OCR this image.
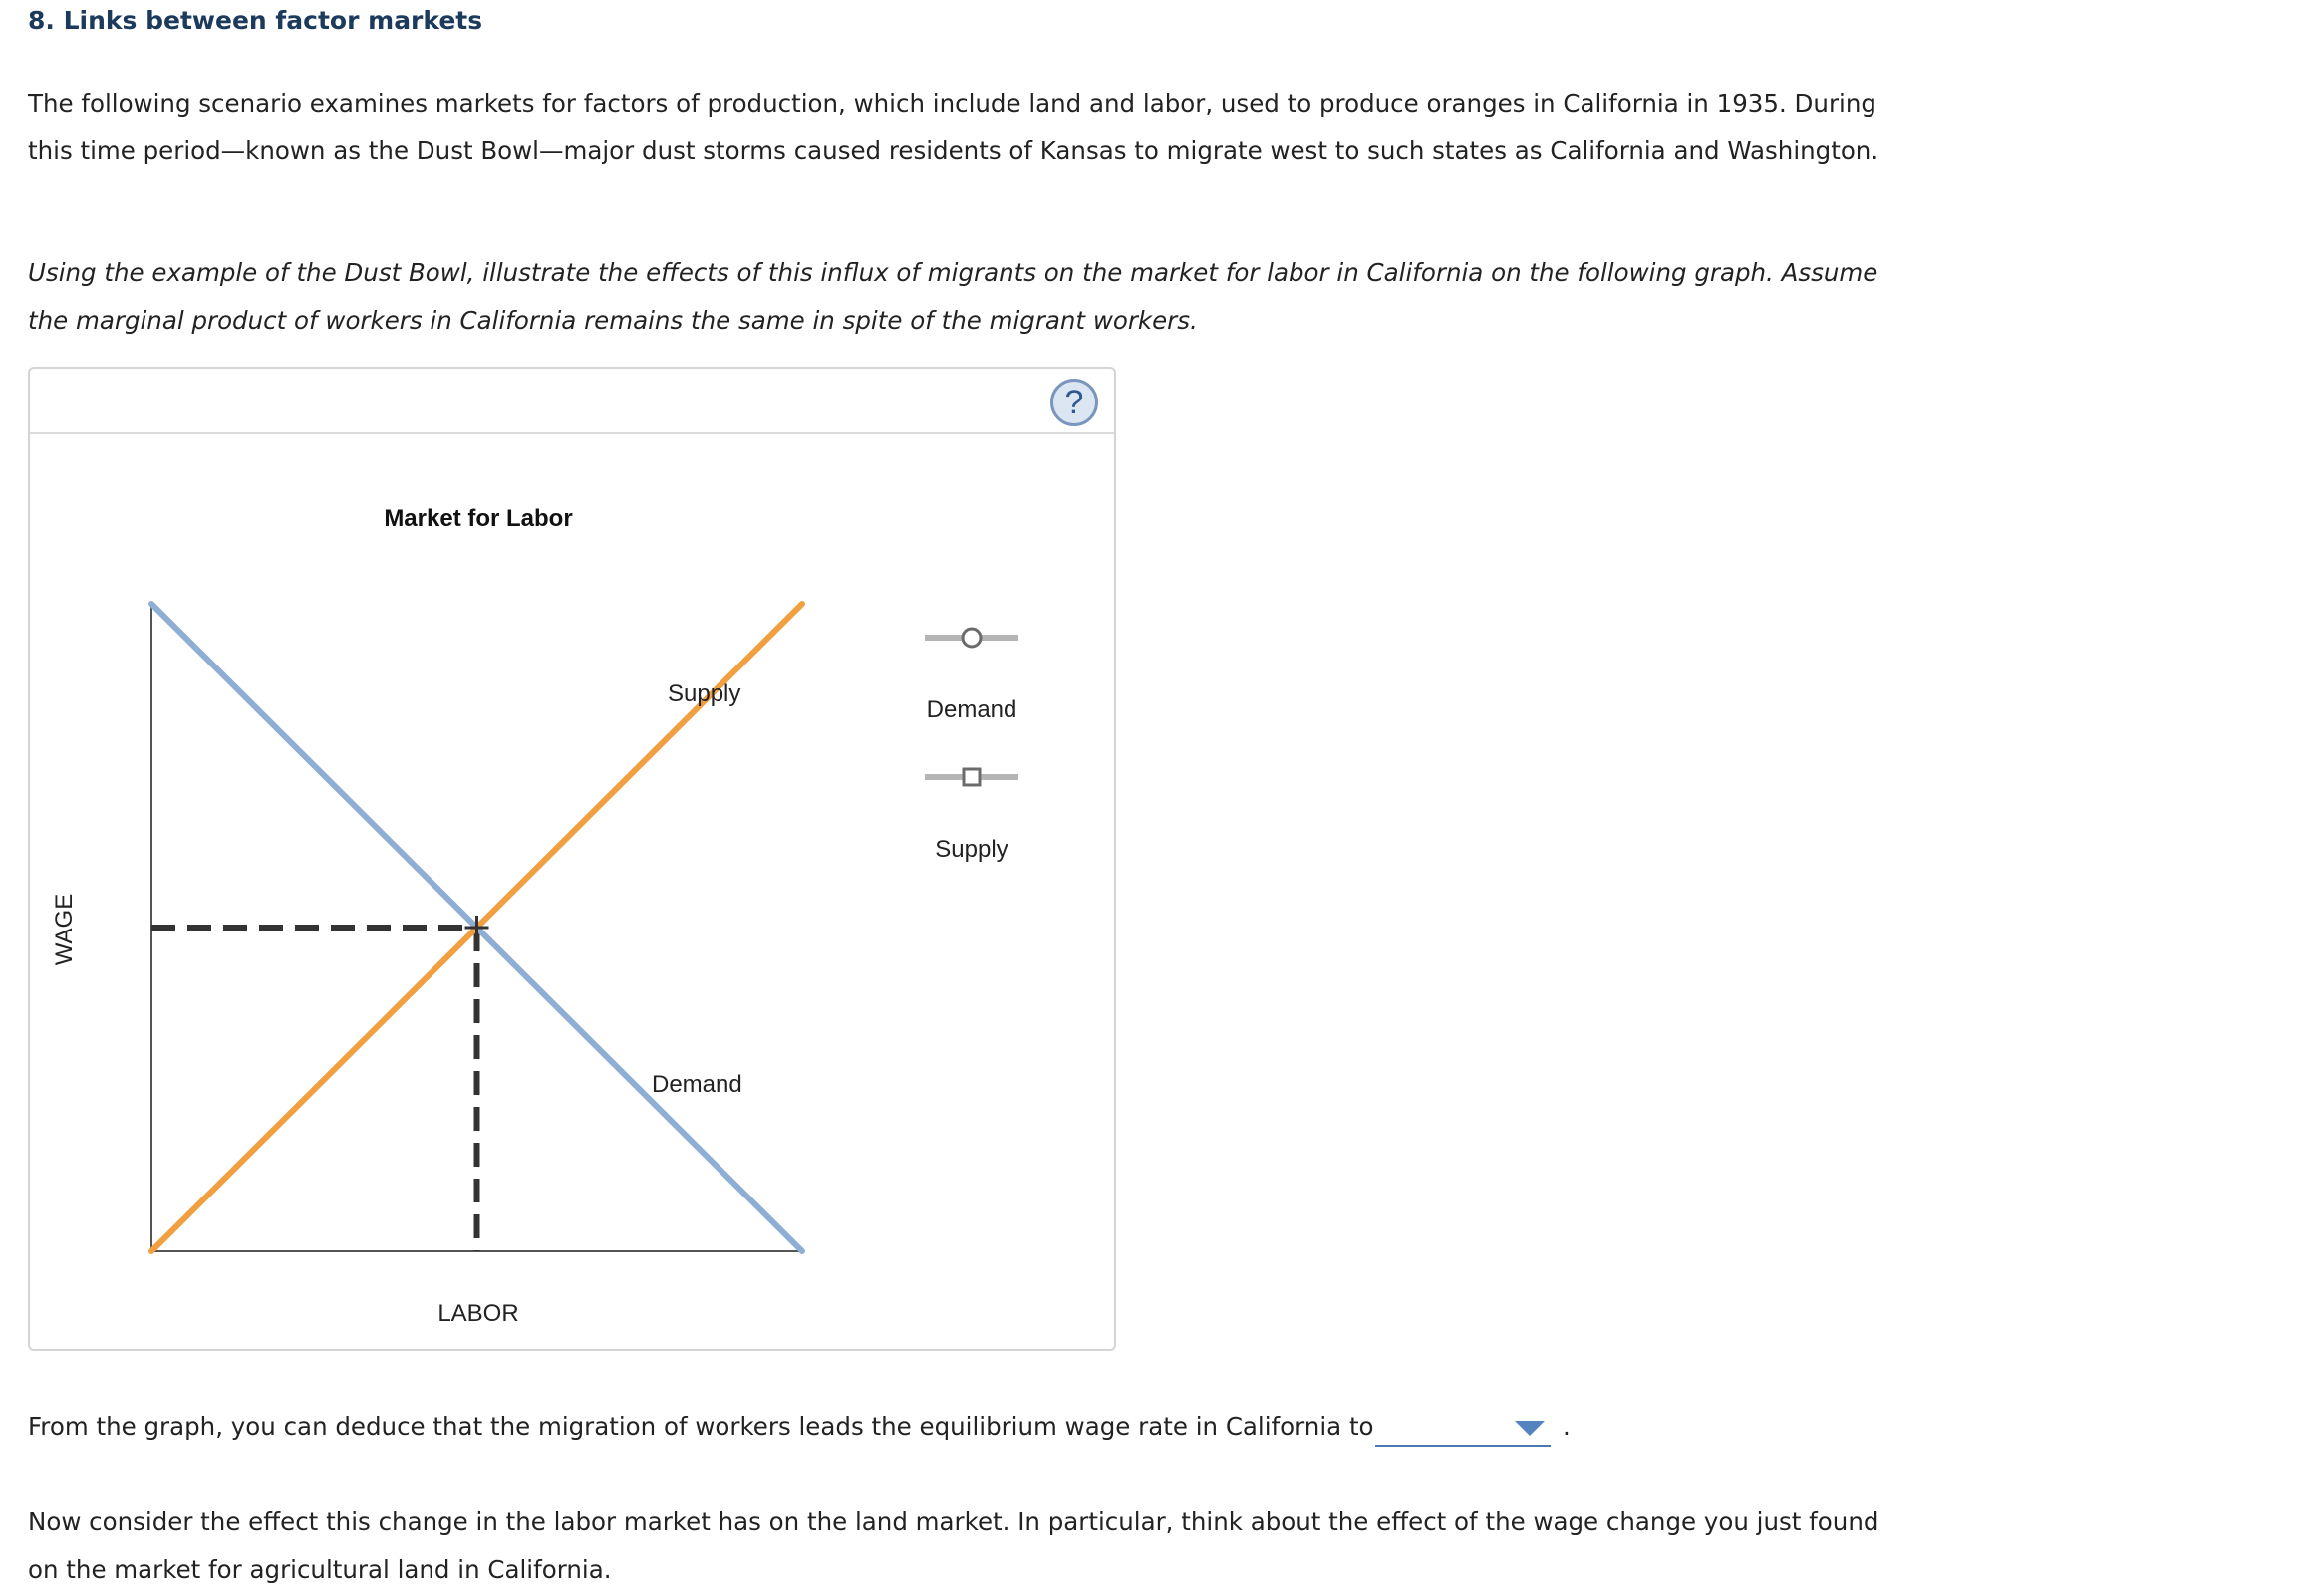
8. Links between factor markets
The following scenario examines markets for factors of production, which include land and labor, used to produce oranges in California in 1935. During this time period—known as the Dust Bowl—major dust storms caused residents of Kansas to migrate west to such states as California and Washington.
Using the example of the Dust Bowl, illustrate the effects of this influx of migrants on the market for labor in California on the following graph. Assume the marginal product of workers in California remains the same in spite of the migrant workers.
?
Market for Labor
WAGE
LABOR
Supply
Demand
Demand
Supply
From the graph, you can deduce that the migration of workers leads the equilibrium wage rate in California to	.
Now consider the effect this change in the labor market has on the land market. In particular, think about the effect of the wage change you just found on the market for agricultural land in California.
